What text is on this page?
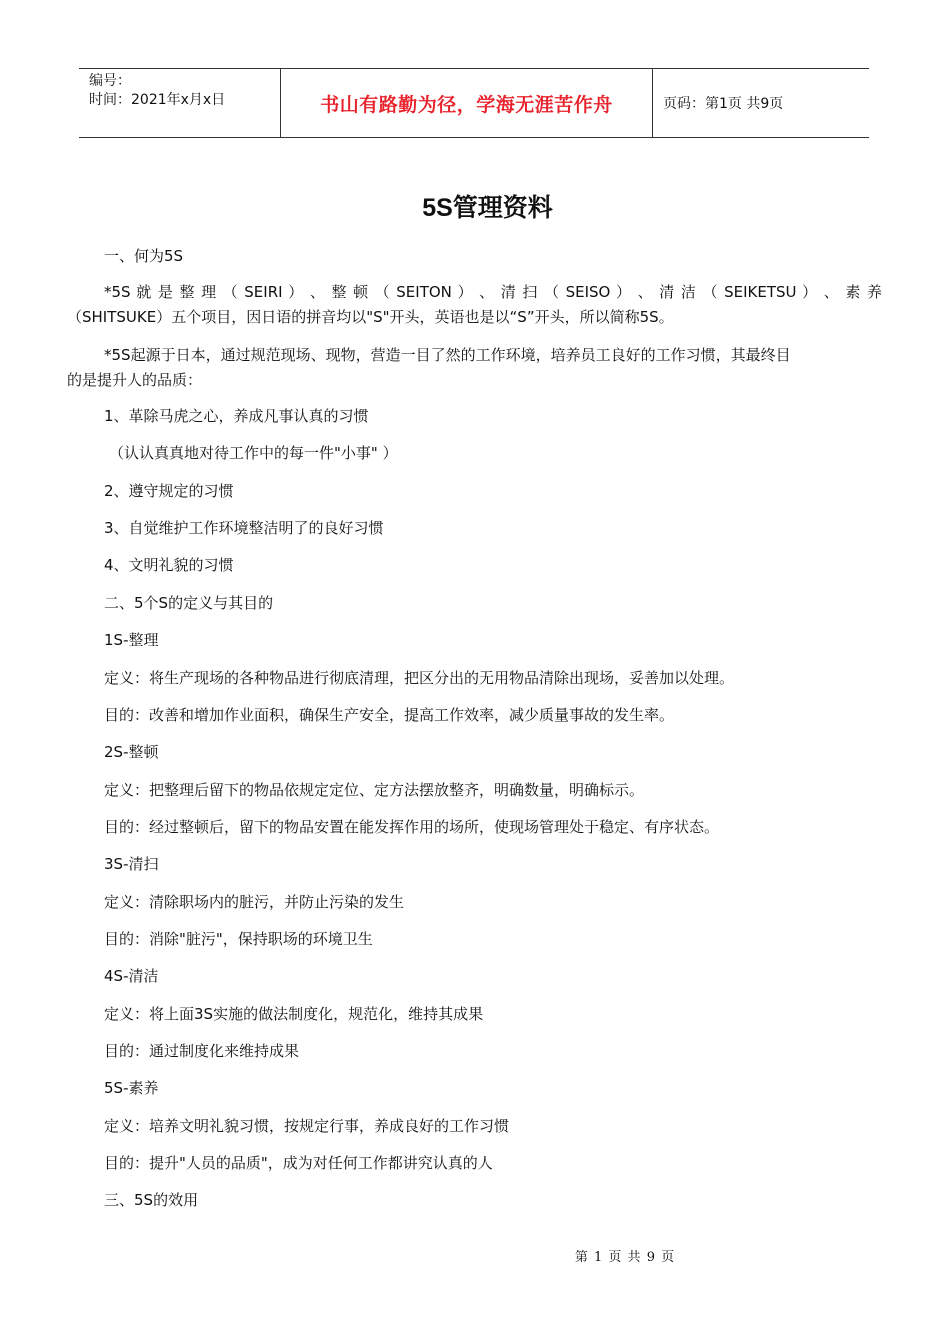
编号：
时间：2021年x月x日	书山有路勤为径，学海无涯苦作舟	页码：第1页 共9页
5S管理资料
一、何为5S
*5S 就 是 整 理 （ SEIRI ） 、 整 顿 （ SEITON ） 、 清 扫 （ SEISO ） 、 清 洁 （ SEIKETSU ） 、 素 养
（SHITSUKE）五个项目，因日语的拼音均以"S"开头，英语也是以“S”开头，所以简称5S。
*5S起源于日本，通过规范现场、现物，营造一目了然的工作环境，培养员工良好的工作习惯，其最终目
的是提升人的品质：
1、革除马虎之心，养成凡事认真的习惯
（认认真真地对待工作中的每一件"小事" ）
2、遵守规定的习惯
3、自觉维护工作环境整洁明了的良好习惯
4、文明礼貌的习惯
二、5个S的定义与其目的
1S-整理
定义：将生产现场的各种物品进行彻底清理，把区分出的无用物品清除出现场，妥善加以处理。
目的：改善和增加作业面积，确保生产安全，提高工作效率，减少质量事故的发生率。
2S-整顿
定义：把整理后留下的物品依规定定位、定方法摆放整齐，明确数量，明确标示。
目的：经过整顿后，留下的物品安置在能发挥作用的场所，使现场管理处于稳定、有序状态。
3S-清扫
定义：清除职场内的脏污，并防止污染的发生
目的：消除"脏污"，保持职场的环境卫生
4S-清洁
定义：将上面3S实施的做法制度化，规范化，维持其成果
目的：通过制度化来维持成果
5S-素养
定义：培养文明礼貌习惯，按规定行事，养成良好的工作习惯
目的：提升"人员的品质"，成为对任何工作都讲究认真的人
三、5S的效用
第 1 页 共 9 页
